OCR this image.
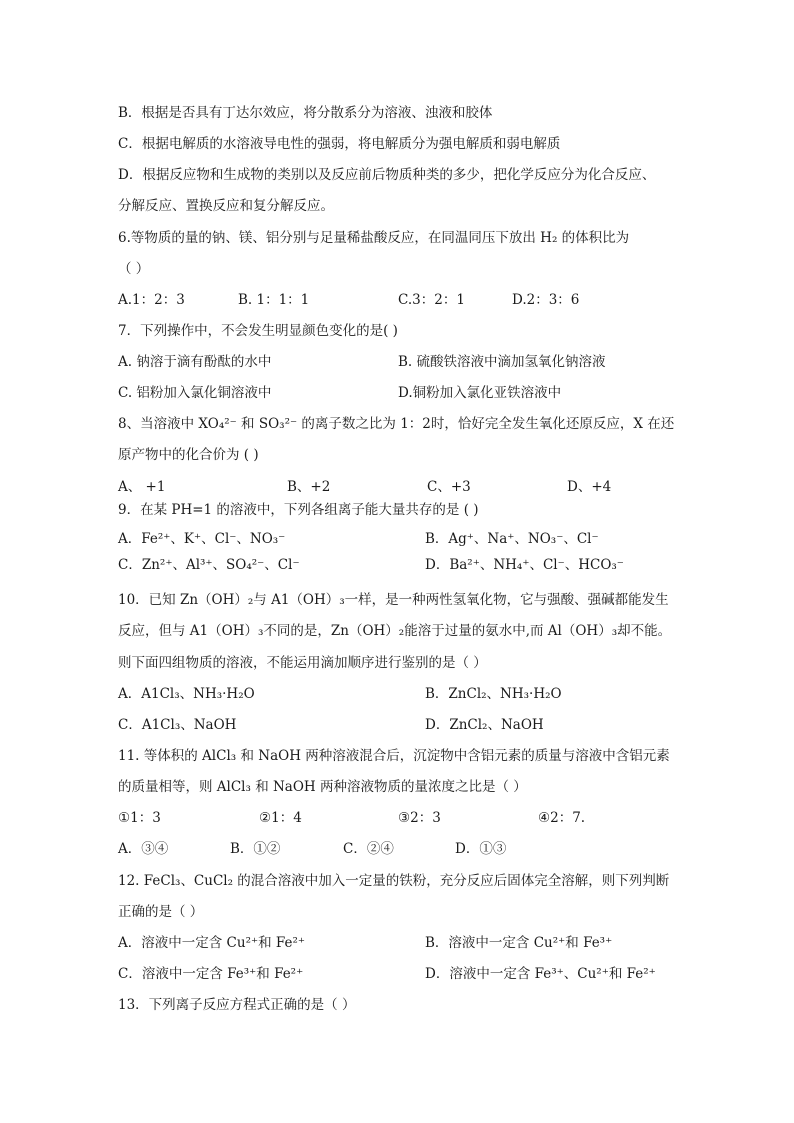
B．根据是否具有丁达尔效应，将分散系分为溶液、浊液和胶体
C．根据电解质的水溶液导电性的强弱，将电解质分为强电解质和弱电解质
D．根据反应物和生成物的类别以及反应前后物质种类的多少，把化学反应分为化合反应、
分解反应、置换反应和复分解反应。
6.等物质的量的钠、镁、铝分别与足量稀盐酸反应，在同温同压下放出 H₂ 的体积比为
（ ）
A.1：2：3	B. 1：1：1	C.3：2：1	D.2：3：6
7．下列操作中，不会发生明显颜色变化的是( )
A. 钠溶于滴有酚酞的水中	B. 硫酸铁溶液中滴加氢氧化钠溶液
C. 铝粉加入氯化铜溶液中	D.铜粉加入氯化亚铁溶液中
8、当溶液中 XO₄²⁻ 和 SO₃²⁻ 的离子数之比为 1：2时，恰好完全发生氧化还原反应，X 在还
原产物中的化合价为 ( )
A、 +1	B、+2	C、+3	D、+4
9．在某 PH=1 的溶液中，下列各组离子能大量共存的是 ( )
A．Fe²⁺、K⁺、Cl⁻、NO₃⁻	B．Ag⁺、Na⁺、NO₃⁻、Cl⁻
C．Zn²⁺、Al³⁺、SO₄²⁻、Cl⁻	D．Ba²⁺、NH₄⁺、Cl⁻、HCO₃⁻
10．已知 Zn（OH）₂与 A1（OH）₃一样，是一种两性氢氧化物，它与强酸、强碱都能发生
反应，但与 A1（OH）₃不同的是，Zn（OH）₂能溶于过量的氨水中,而 Al（OH）₃却不能。
则下面四组物质的溶液，不能运用滴加顺序进行鉴别的是（ ）
A．A1Cl₃、NH₃·H₂O	B．ZnCl₂、NH₃·H₂O
C．A1Cl₃、NaOH	D．ZnCl₂、NaOH
11. 等体积的 AlCl₃ 和 NaOH 两种溶液混合后，沉淀物中含铝元素的质量与溶液中含铝元素
的质量相等，则 AlCl₃ 和 NaOH 两种溶液物质的量浓度之比是（ ）
①1：3	②1：4	③2：3	④2：7.
A．③④	B．①②	C．②④	D．①③
12. FeCl₃、CuCl₂ 的混合溶液中加入一定量的铁粉，充分反应后固体完全溶解，则下列判断
正确的是（ ）
A．溶液中一定含 Cu²⁺和 Fe²⁺	B．溶液中一定含 Cu²⁺和 Fe³⁺
C．溶液中一定含 Fe³⁺和 Fe²⁺	D．溶液中一定含 Fe³⁺、Cu²⁺和 Fe²⁺
13．下列离子反应方程式正确的是（ ）
